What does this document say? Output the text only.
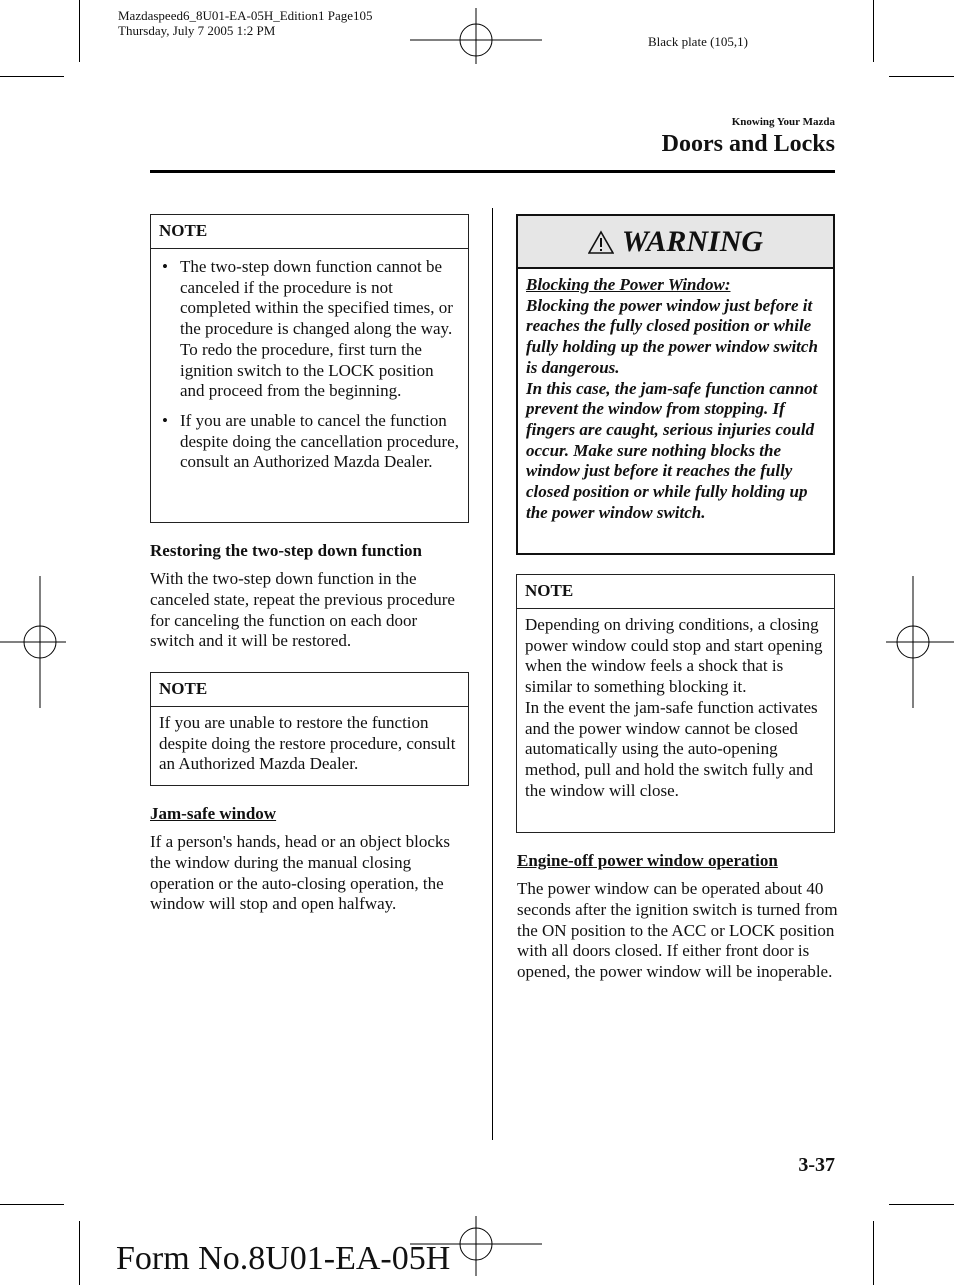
Mazdaspeed6_8U01-EA-05H_Edition1 Page105
Thursday, July 7 2005 1:2 PM
Black plate (105,1)
Knowing Your Mazda
Doors and Locks
NOTE
• The two-step down function cannot be canceled if the procedure is not completed within the specified times, or the procedure is changed along the way. To redo the procedure, first turn the ignition switch to the LOCK position and proceed from the beginning.
• If you are unable to cancel the function despite doing the cancellation procedure, consult an Authorized Mazda Dealer.
Restoring the two-step down function
With the two-step down function in the canceled state, repeat the previous procedure for canceling the function on each door switch and it will be restored.
NOTE
If you are unable to restore the function despite doing the restore procedure, consult an Authorized Mazda Dealer.
Jam-safe window
If a person's hands, head or an object blocks the window during the manual closing operation or the auto-closing operation, the window will stop and open halfway.
WARNING
Blocking the Power Window:
Blocking the power window just before it reaches the fully closed position or while fully holding up the power window switch is dangerous.
In this case, the jam-safe function cannot prevent the window from stopping. If fingers are caught, serious injuries could occur. Make sure nothing blocks the window just before it reaches the fully closed position or while fully holding up the power window switch.
NOTE
Depending on driving conditions, a closing power window could stop and start opening when the window feels a shock that is similar to something blocking it.
In the event the jam-safe function activates and the power window cannot be closed automatically using the auto-opening method, pull and hold the switch fully and the window will close.
Engine-off power window operation
The power window can be operated about 40 seconds after the ignition switch is turned from the ON position to the ACC or LOCK position with all doors closed. If either front door is opened, the power window will be inoperable.
3-37
Form No.8U01-EA-05H
